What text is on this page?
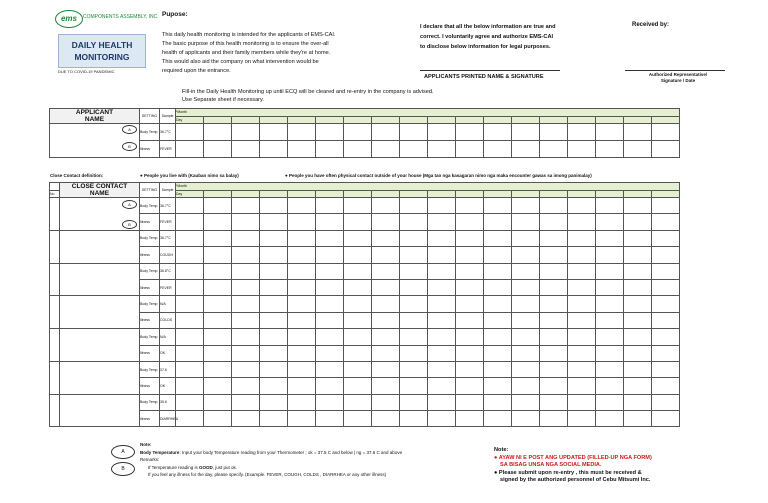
ems	COMPONENTS ASSEMBLY, INC.
DAILY HEALTH
MONITORING
DUE TO COVID-19 PANDEMIC
Pupose:
This daily health monitoring is intended for the applicants of EMS-CAI.
The basic purpose of this health monitoring is to ensure the over-all
health of applicants and their family members while they're at home.
This would also aid the company on what intervention would be
required upon the entrance.
I declare that all the below information are true and
correct. I voluntarily agree and authorize EMS-CAI
to disclose below information for legal purposes.
Received by:
APPLICANTS PRINTED NAME & SIGNATURE	Authorized Representative/
Signature / Date
Fill-in the Daily Health Monitoring up until ECQ will be cleared and re-entry in the company is advised.
Use Separate sheet if necessary.
APPLICANT
NAME	SETTING	Sample	*Month																	
			Day																	
	Body Temp	36.7°C																		
	Illness	FEVER																		
Close Contact definition:	● People you live with (Kauban nimo sa balay)	● People you have often physical contact outside of your house (Mga tao nga kasagaran nimo nga maka encounter gawas sa imong panimalay)

	CLOSE CONTACT
NAME	SETTING	Sample	*Month																	
No				Day																	
		Body Temp	36.7°C																		
		Illness	FEVER																		
		Body Temp	36.7°C																		
		Illness	COUGH																		
		Body Temp	36.8°C																		
		Illness	FEVER																		
		Body Temp	N/A																		
		Illness	COLDS																		
		Body Temp	N/A																		
		Illness	OK																		
		Body Temp	37.6																		
		Illness	OK																		
		Body Temp	35.6																		
		Illness	DIARRHEA																		
A
B
Note:
Body Temperature: Input your body Temperature reading from your Thermometer ; ok = 37.5 C and below | ng = 37.6 C and above
Remarks:
If Temperature reading is GOOD, just put ok.
If you feel any illness for the day, please specify. (Example. FEVER, COUGH, COLDS , DIARRHEA or any other illness)
Note:
● AYAW NI E POST ANG UPDATED (FILLED-UP NGA FORM)
SA BISAG UNSA NGA SOCIAL MEDIA.
● Please submit upon re-entry , this must be received &
signed by the authorized personnel of Cebu Mitsumi Inc.
A
B
A
B
